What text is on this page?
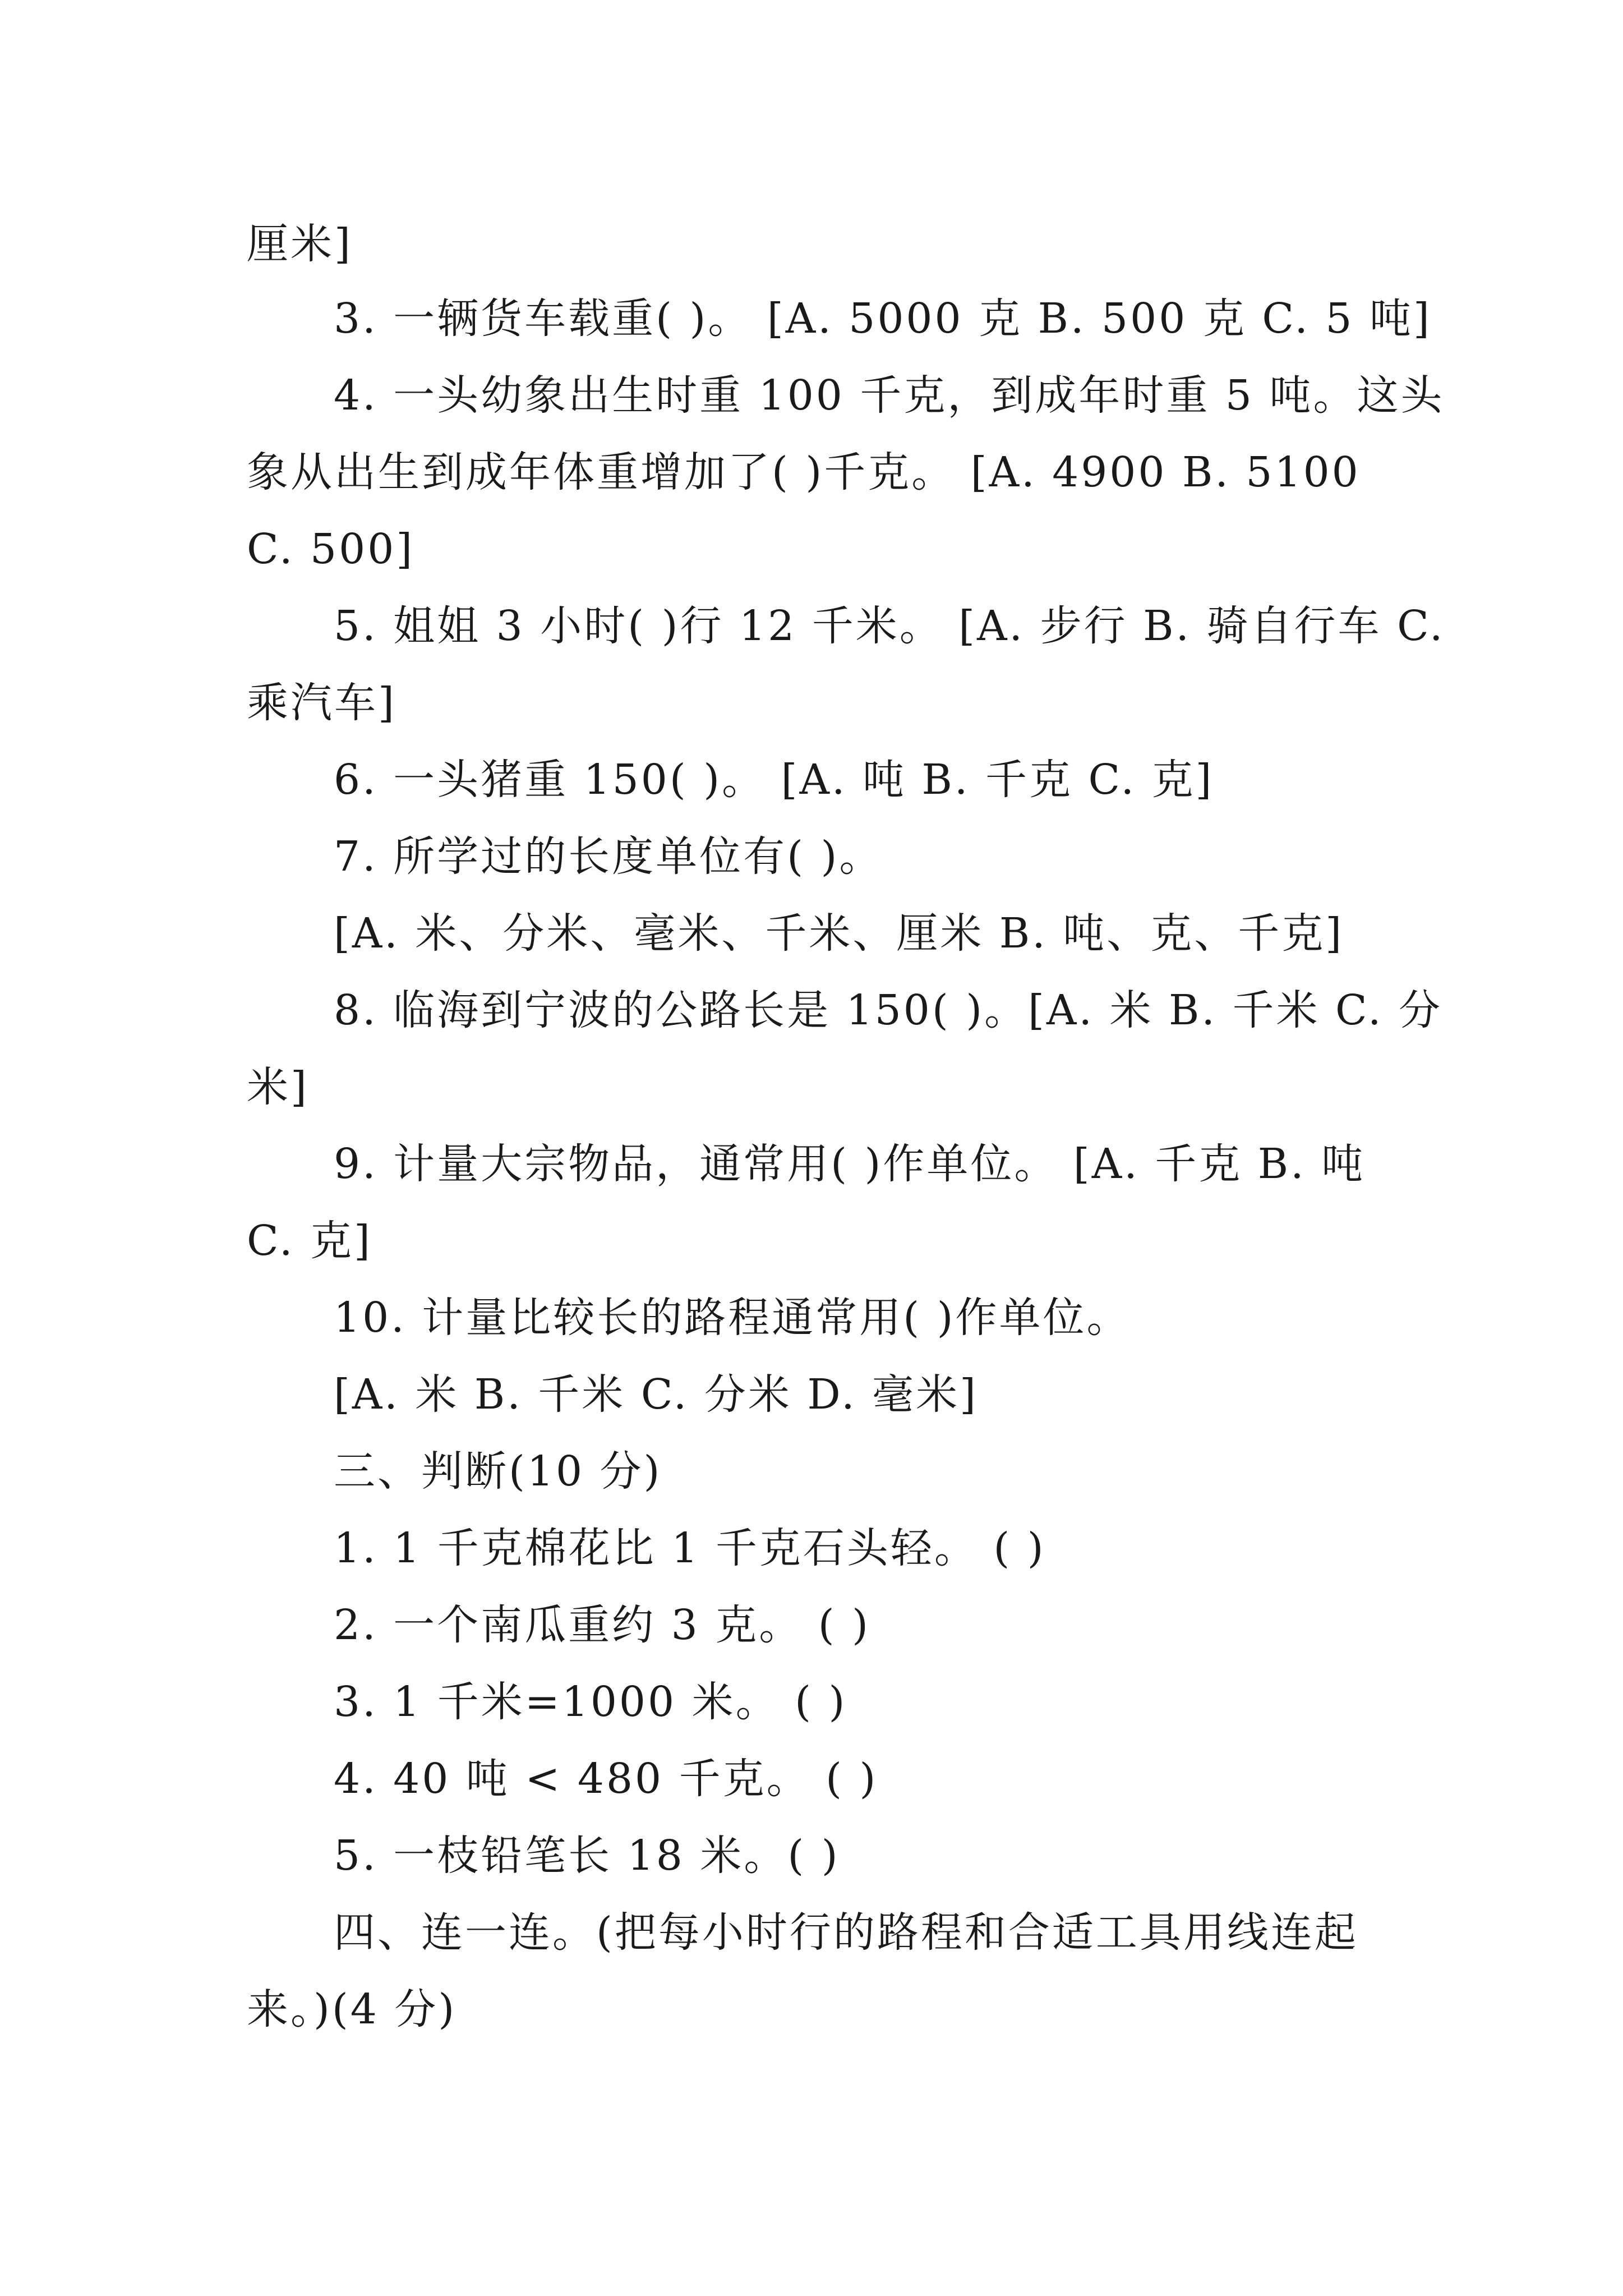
厘米]
3. 一辆货车载重( )。 [A. 5000 克 B. 500 克 C. 5 吨]
4. 一头幼象出生时重 100 千克，到成年时重 5 吨。这头
象从出生到成年体重增加了( )千克。 [A. 4900 B. 5100
C. 500]
5. 姐姐 3 小时( )行 12 千米。 [A. 步行 B. 骑自行车 C.
乘汽车]
6. 一头猪重 150( )。 [A. 吨 B. 千克 C. 克]
7. 所学过的长度单位有( )。
[A. 米、分米、毫米、千米、厘米 B. 吨、克、千克]
8. 临海到宁波的公路长是 150( )。[A. 米 B. 千米 C. 分
米]
9. 计量大宗物品，通常用( )作单位。 [A. 千克 B. 吨
C. 克]
10. 计量比较长的路程通常用( )作单位。
[A. 米 B. 千米 C. 分米 D. 毫米]
三、判断(10 分)
1. 1 千克棉花比 1 千克石头轻。 ( )
2. 一个南瓜重约 3 克。 ( )
3. 1 千米=1000 米。 ( )
4. 40 吨 < 480 千克。 ( )
5. 一枝铅笔长 18 米。( )
四、连一连。(把每小时行的路程和合适工具用线连起
来。)(4 分)
